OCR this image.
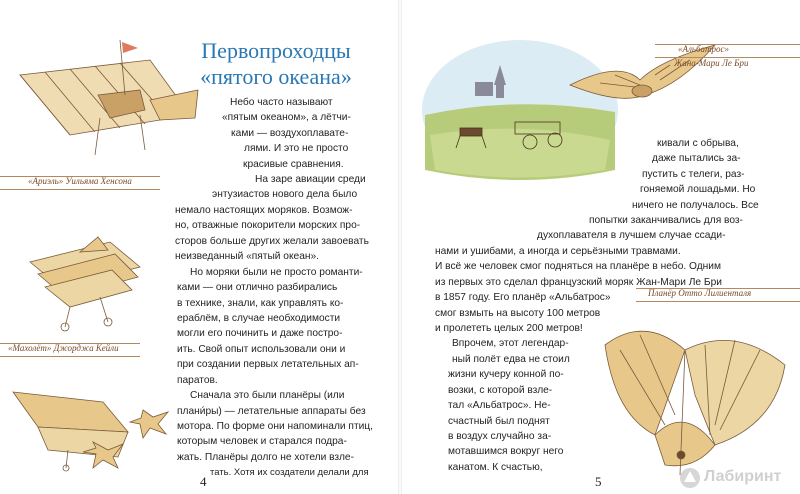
Первопроходцы
«пятого океана»
«Ариэль» Уильяма Хенсона
«Махолёт» Джорджа Кейли
Небо часто называют
«пятым океаном», а лётчи-
ками — воздухоплавате-
лями. И это не просто
красивые сравнения.
На заре авиации среди
энтузиастов нового дела было
немало настоящих моряков. Возмож-
но, отважные покорители морских про-
сторов больше других желали завоевать
неизведанный «пятый океан».
Но моряки были не просто романти-
ками — они отлично разбирались
в технике, знали, как управлять ко-
ераблём, в случае необходимости
могли его починить и даже постро-
ить. Свой опыт использовали они и
при создании первых летательных ап-
паратов.
Сначала это были планёры (или
плани́ры) — летательные аппараты без
мотора. По форме они напоминали птиц,
которым человек и старался подра-
жать. Планёры долго не хотели взле-
тать. Хотя их создатели делали для
4
«Альбатрос»
Жана-Мари Ле Бри
кивали с обрыва,
даже пытались за-
пустить с телеги, раз-
гоняемой лошадьми. Но
ничего не получалось. Все
попытки заканчивались для воз-
духоплавателя в лучшем случае ссади-
нами и ушибами, а иногда и серьёзными травмами.
И всё же человек смог подняться на планёре в небо. Одним
из первых это сделал французский моряк Жан-Мари Ле Бри
в 1857 году. Его планёр «Альбатрос»
смог взмыть на высоту 100 метров
и пролететь целых 200 метров!
Впрочем, этот легендар-
ный полёт едва не стоил
жизни кучеру конной по-
возки, с которой взле-
тал «Альбатрос». Не-
счастный был поднят
в воздух случайно за-
мотавшимся вокруг него
канатом. К счастью,
Планёр Отто Лилиенталя
5	Лабиринт
